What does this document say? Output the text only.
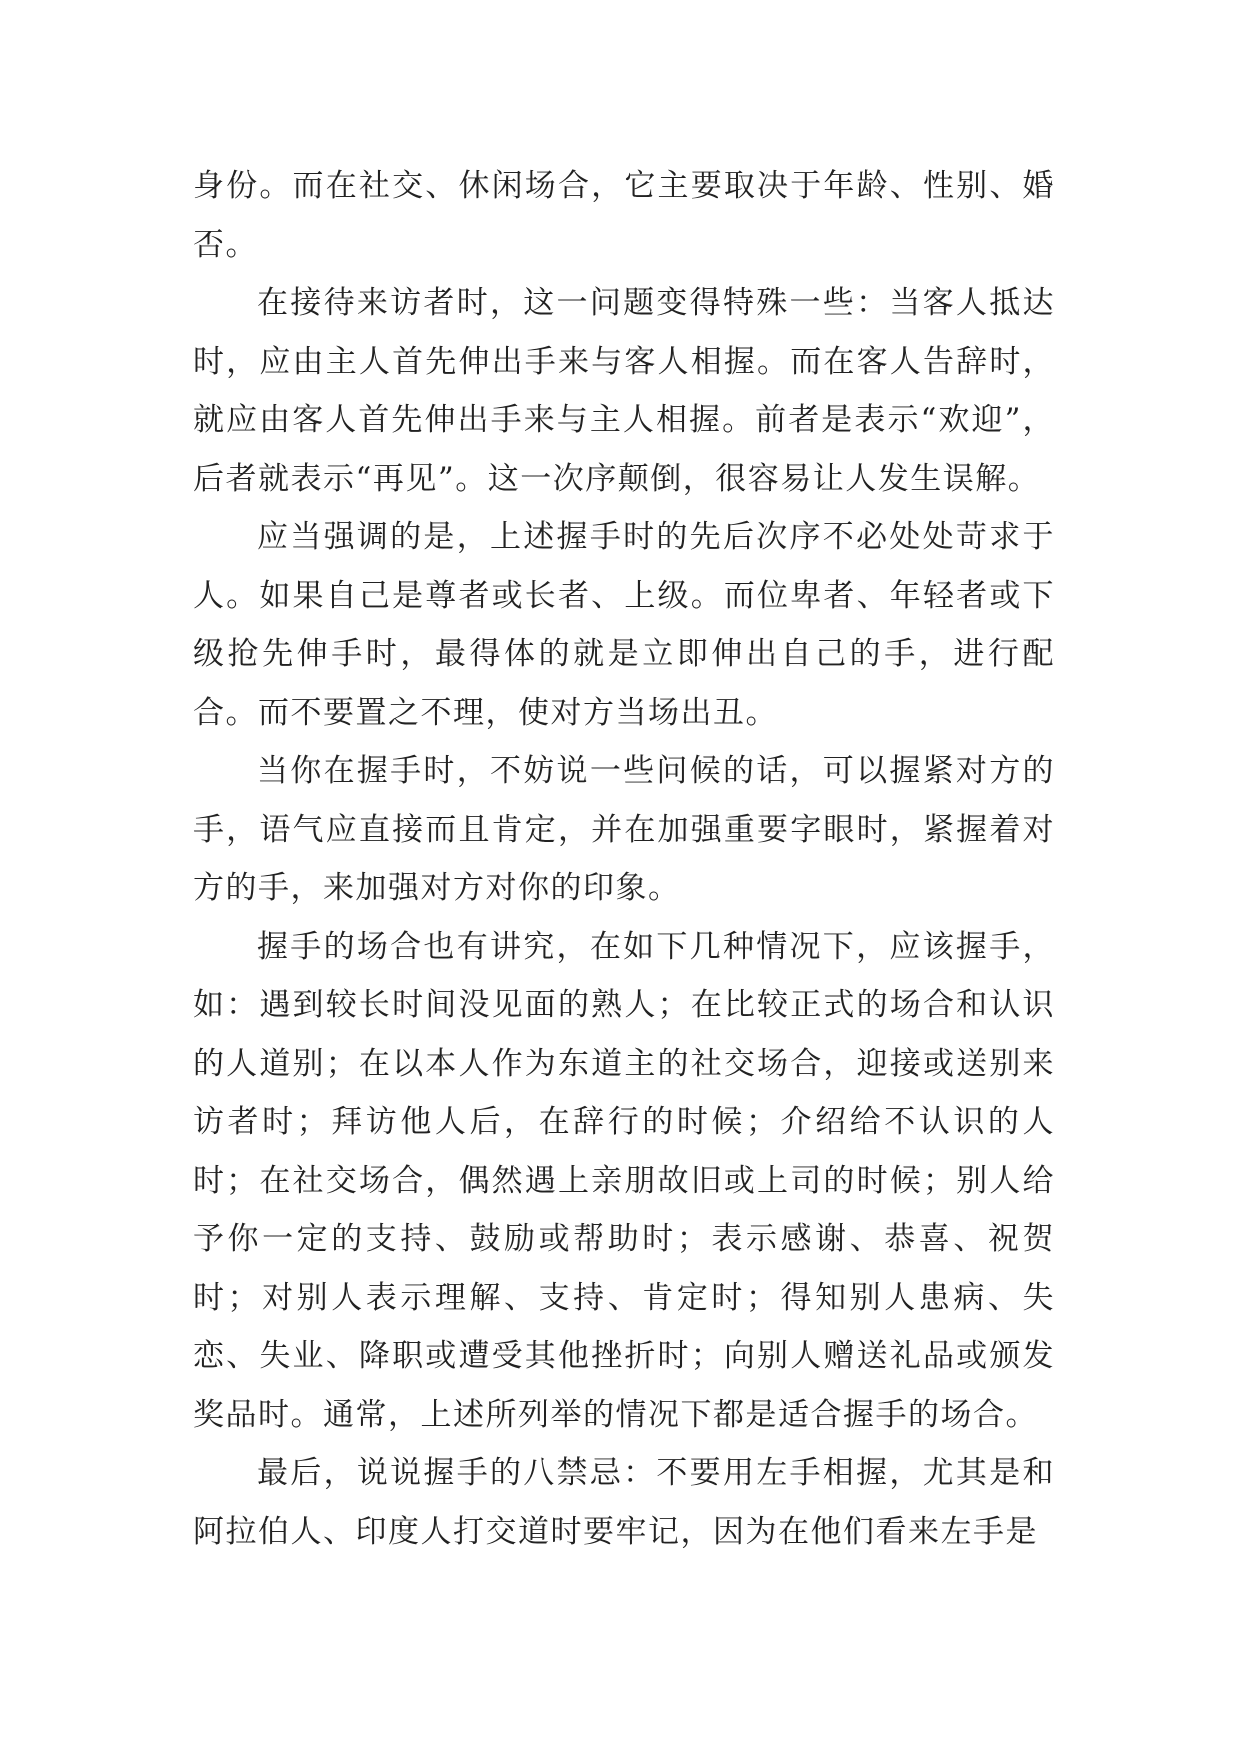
身份。而在社交、休闲场合，它主要取决于年龄、性别、婚否。

在接待来访者时，这一问题变得特殊一些：当客人抵达时，应由主人首先伸出手来与客人相握。而在客人告辞时，就应由客人首先伸出手来与主人相握。前者是表示“欢迎”，后者就表示“再见”。这一次序颠倒，很容易让人发生误解。

应当强调的是，上述握手时的先后次序不必处处苛求于人。如果自己是尊者或长者、上级。而位卑者、年轻者或下级抢先伸手时，最得体的就是立即伸出自己的手，进行配合。而不要置之不理，使对方当场出丑。

当你在握手时，不妨说一些问候的话，可以握紧对方的手，语气应直接而且肯定，并在加强重要字眼时，紧握着对方的手，来加强对方对你的印象。

握手的场合也有讲究，在如下几种情况下，应该握手，如：遇到较长时间没见面的熟人；在比较正式的场合和认识的人道别；在以本人作为东道主的社交场合，迎接或送别来访者时；拜访他人后，在辞行的时候；介绍给不认识的人时；在社交场合，偶然遇上亲朋故旧或上司的时候；别人给予你一定的支持、鼓励或帮助时；表示感谢、恭喜、祝贺时；对别人表示理解、支持、肯定时；得知别人患病、失恋、失业、降职或遭受其他挫折时；向别人赠送礼品或颁发奖品时。通常，上述所列举的情况下都是适合握手的场合。

最后，说说握手的八禁忌：不要用左手相握，尤其是和阿拉伯人、印度人打交道时要牢记，因为在他们看来左手是
